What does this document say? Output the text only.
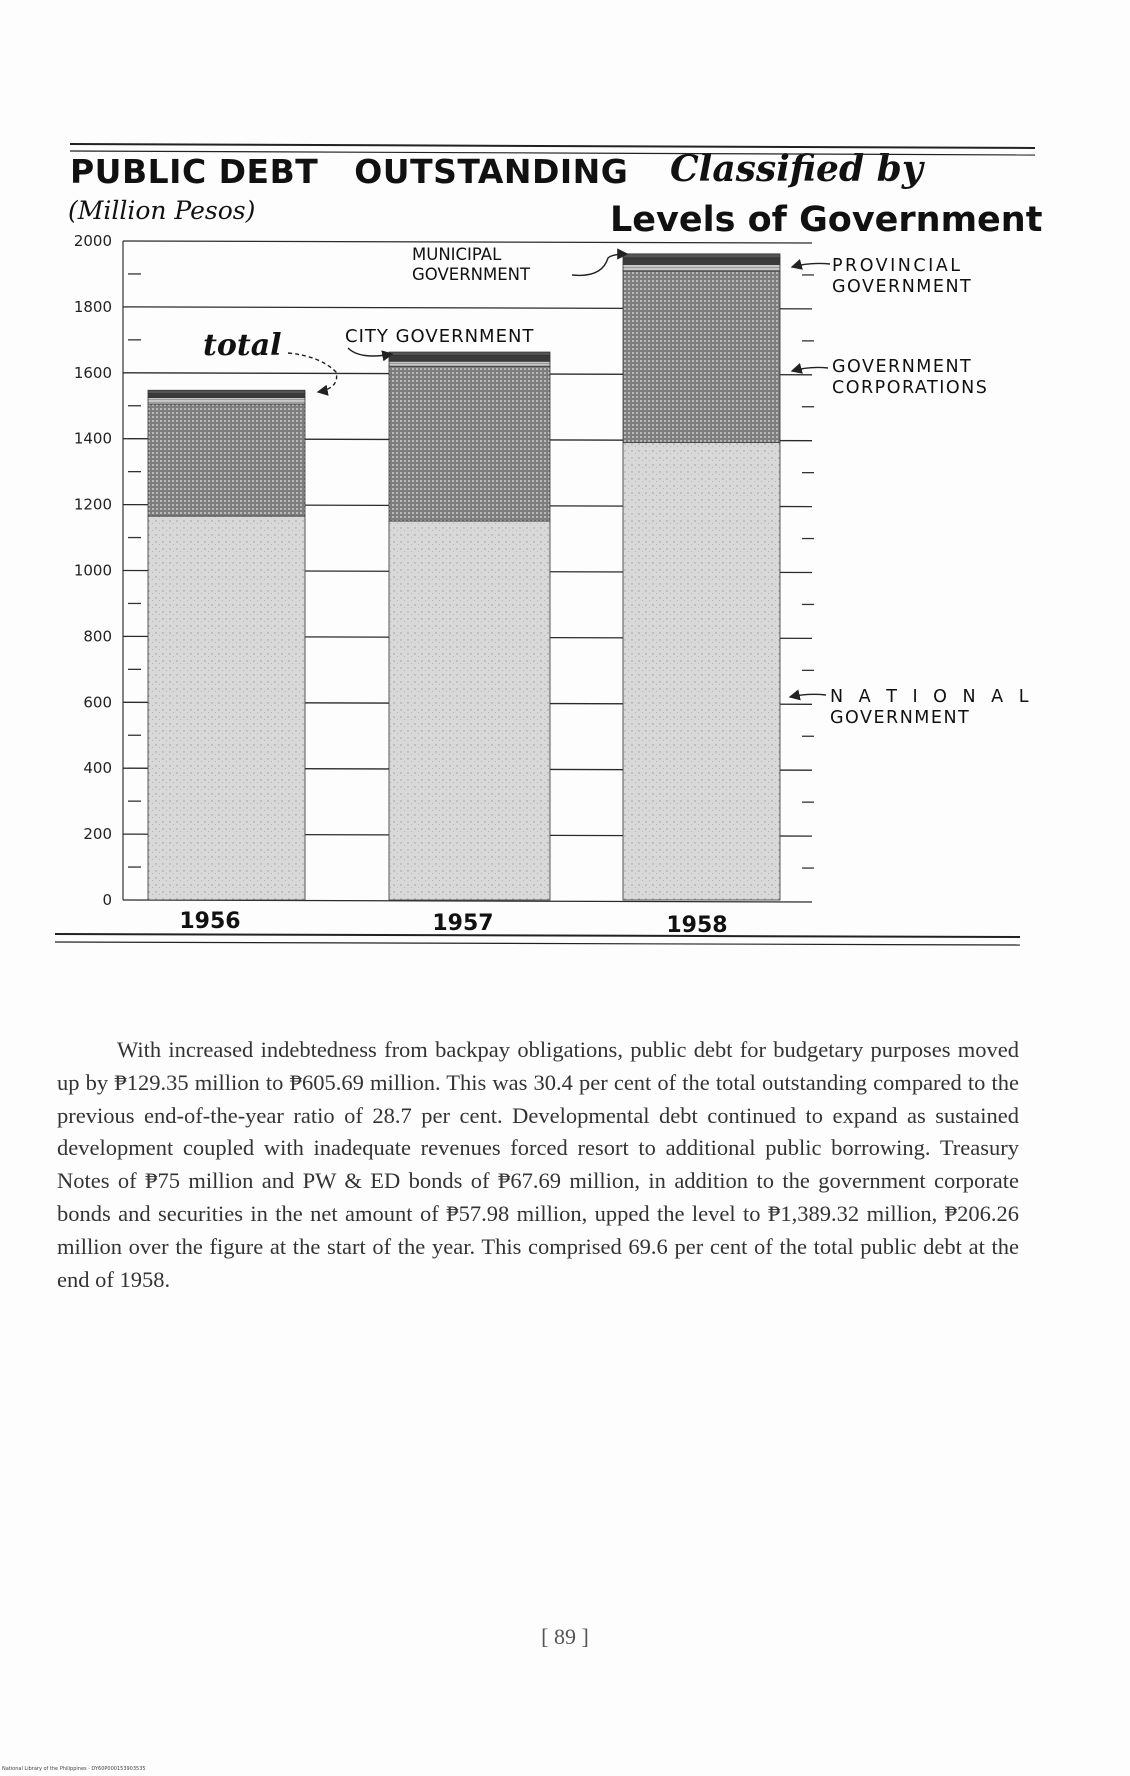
PUBLIC DEBT OUTSTANDING Classified by
Levels of Government
(Million Pesos)
0
200
400
600
800
1000
1200
1400
1600
1800
2000
1956	1957	1958
PROVINCIAL
GOVERNMENT
GOVERNMENT
CORPORATIONS
N A T I O N A L
GOVERNMENT
MUNICIPAL
GOVERNMENT
CITY GOVERNMENT
total
With increased indebtedness from backpay obligations, public debt for budgetary purposes moved up by ₱129.35 million to ₱605.69 million. This was 30.4 per cent of the total outstanding compared to the previous end-of-the-year ratio of 28.7 per cent. Developmental debt continued to expand as sustained development coupled with inadequate revenues forced resort to additional public borrowing. Treasury Notes of ₱75 million and PW & ED bonds of ₱67.69 million, in addition to the government corporate bonds and securities in the net amount of ₱57.98 million, upped the level to ₱1,389.32 million, ₱206.26 million over the figure at the start of the year. This comprised 69.6 per cent of the total public debt at the end of 1958.
[ 89 ]
National Library of the Philippines · DY60P000153903535
